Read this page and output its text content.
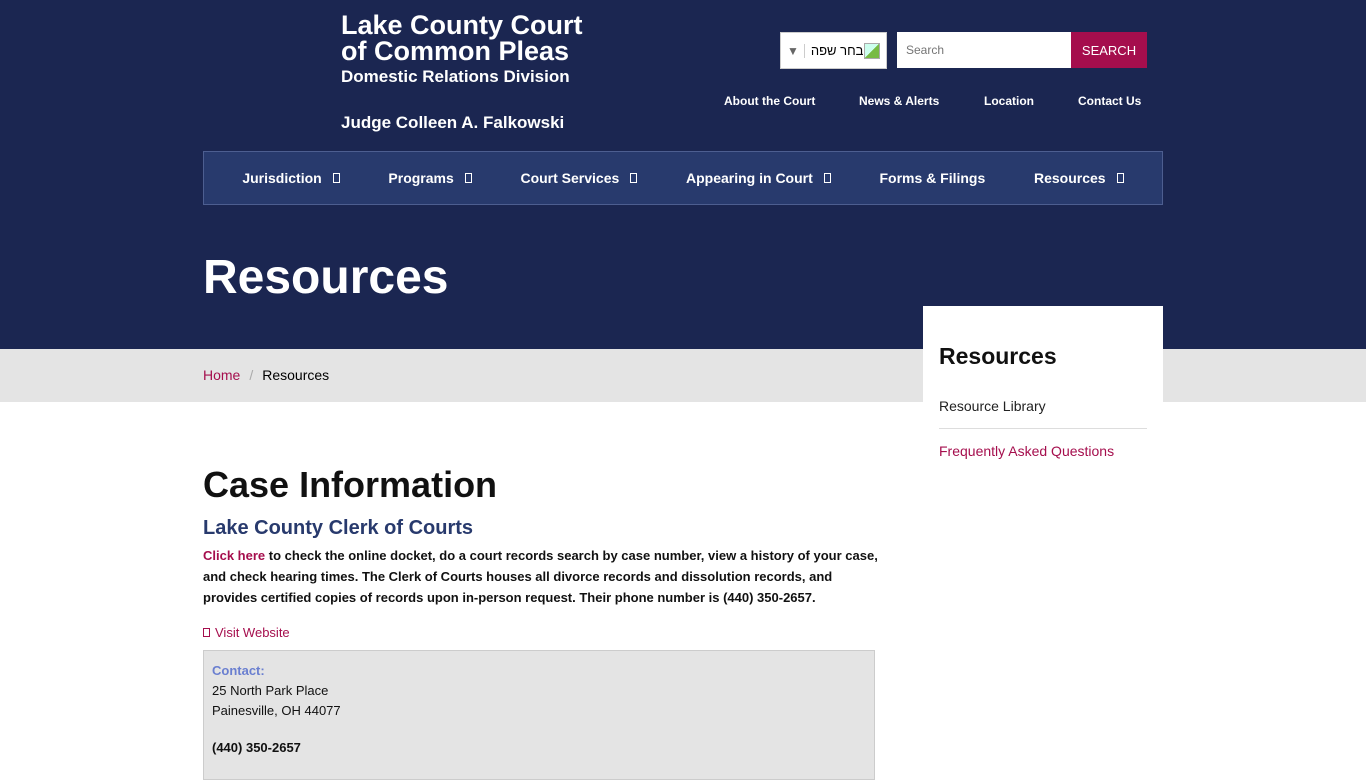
Lake County Court
of Common Pleas
Domestic Relations Division
Judge Colleen A. Falkowski
▼ בחר שפה
Search	SEARCH
About the Court	News & Alerts	Location	Contact Us
Jurisdiction	Programs	Court Services	Appearing in Court	Forms & Filings	Resources
Resources
Home / Resources
Resources
Resource Library
Frequently Asked Questions
Case Information
Lake County Clerk of Courts

Click here to check the online docket, do a court records search by case number, view a history of your case, and check hearing times. The Clerk of Courts houses all divorce records and dissolution records, and provides certified copies of records upon in-person request. Their phone number is (440) 350-2657.

Visit Website
Contact:
25 North Park Place
Painesville, OH 44077
(440) 350-2657
